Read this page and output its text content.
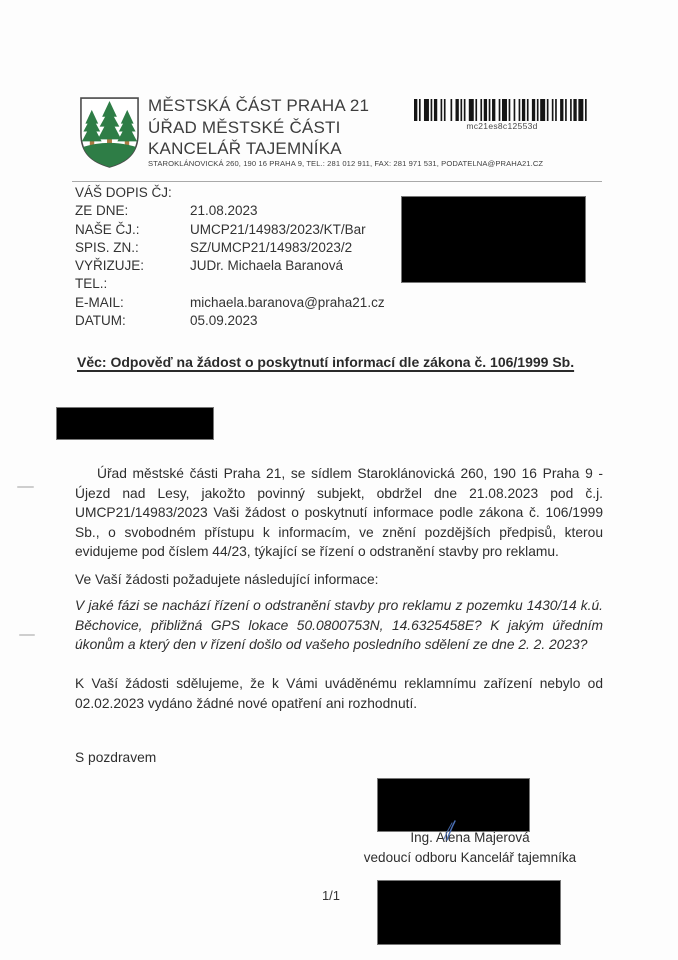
MĚSTSKÁ ČÁST PRAHA 21
ÚŘAD MĚSTSKÉ ČÁSTI
KANCELÁŘ TAJEMNÍKA
STAROKLÁNOVICKÁ 260, 190 16 PRAHA 9, TEL.: 281 012 911, FAX: 281 971 531, PODATELNA@PRAHA21.CZ
mc21es8c12553d
VÁŠ DOPIS ČJ:
ZE DNE:	21.08.2023
NAŠE ČJ.:	UMCP21/14983/2023/KT/Bar
SPIS. ZN.:	SZ/UMCP21/14983/2023/2
VYŘIZUJE:	JUDr. Michaela Baranová
TEL.:
E-MAIL:	michaela.baranova@praha21.cz
DATUM:	05.09.2023
Věc: Odpověď na žádost o poskytnutí informací dle zákona č. 106/1999 Sb.
Úřad městské části Praha 21, se sídlem Staroklánovická 260, 190 16 Praha 9 - Újezd nad Lesy, jakožto povinný subjekt, obdržel dne 21.08.2023 pod č.j. UMCP21/14983/2023 Vaši žádost o poskytnutí informace podle zákona č. 106/1999 Sb., o svobodném přístupu k informacím, ve znění pozdějších předpisů, kterou evidujeme pod číslem 44/23, týkající se řízení o odstranění stavby pro reklamu.
Ve Vaší žádosti požadujete následující informace:
V jaké fázi se nachází řízení o odstranění stavby pro reklamu z pozemku 1430/14 k.ú. Běchovice, přibližná GPS lokace 50.0800753N, 14.6325458E? K jakým úředním úkonům a který den v řízení došlo od vašeho posledního sdělení ze dne 2. 2. 2023?
K Vaší žádosti sdělujeme, že k Vámi uváděnému reklamnímu zařízení nebylo od 02.02.2023 vydáno žádné nové opatření ani rozhodnutí.
S pozdravem
Ing. Alena Majerová
vedoucí odboru Kancelář tajemníka
1/1
